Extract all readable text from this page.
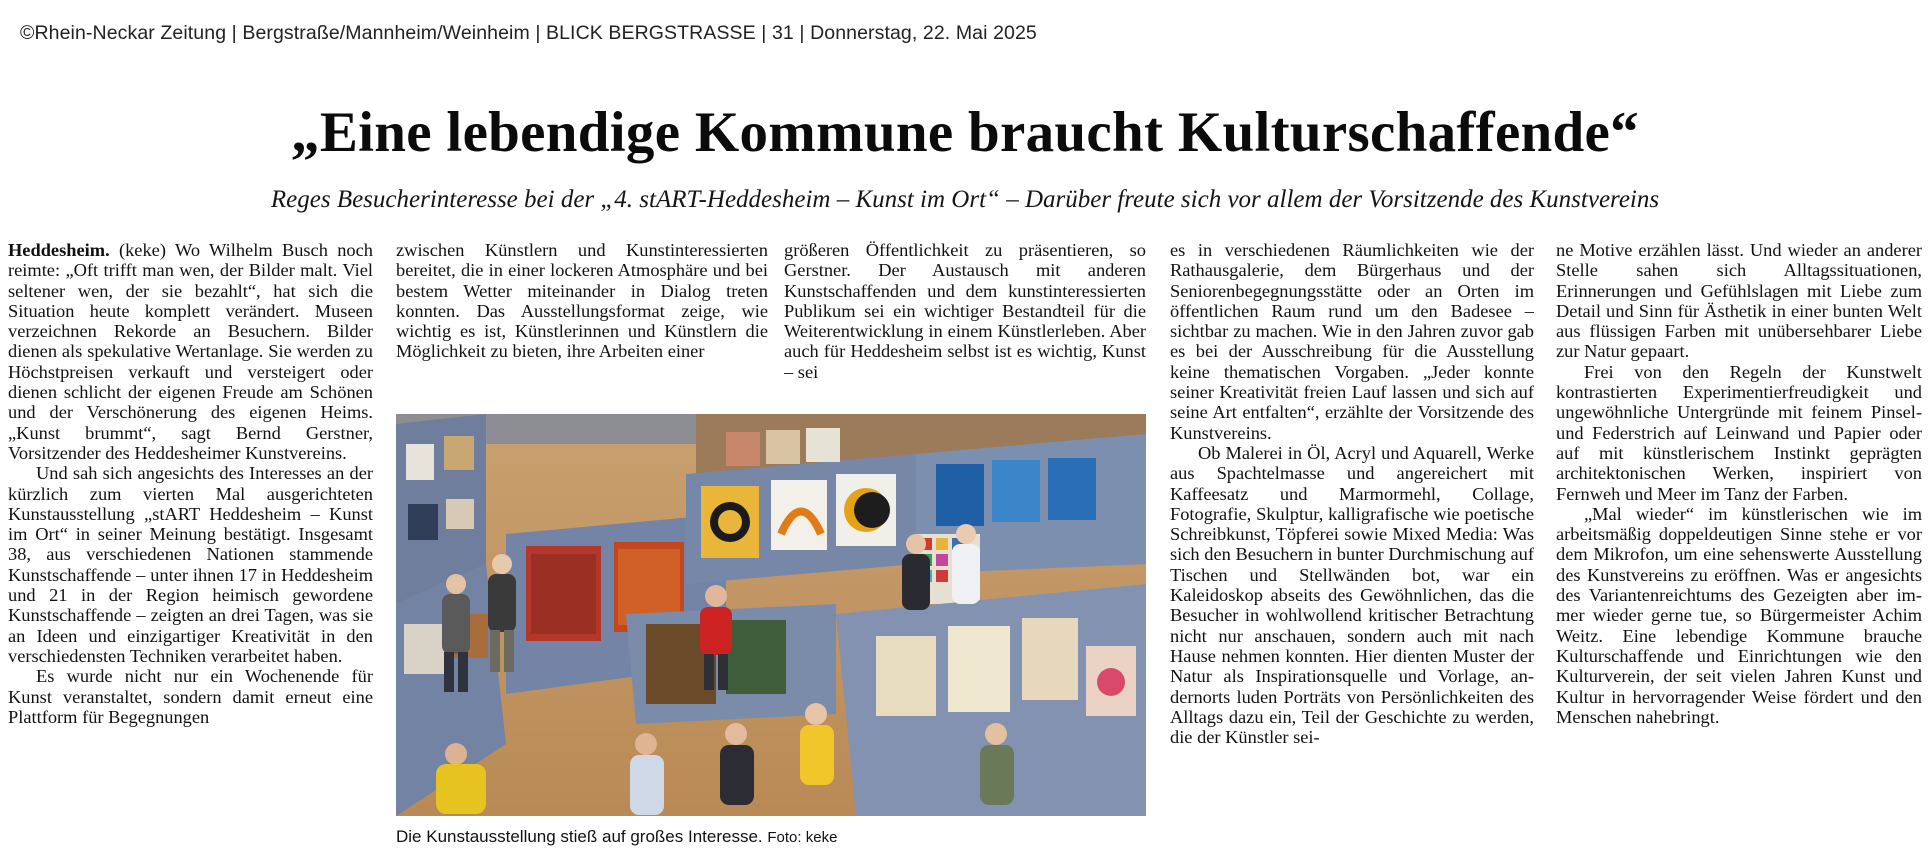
©Rhein-Neckar Zeitung | Bergstraße/Mannheim/Weinheim | BLICK BERGSTRASSE | 31 | Donnerstag, 22. Mai 2025
„Eine lebendige Kommune braucht Kulturschaffende“
Reges Besucherinteresse bei der „4. stART-Heddesheim – Kunst im Ort“ – Darüber freute sich vor allem der Vorsitzende des Kunstvereins

Heddesheim. (keke) Wo Wilhelm Busch noch reimte: „Oft trifft man wen, der Bilder malt. Viel seltener wen, der sie bezahlt“, hat sich die Situation heute komplett verändert. Museen verzeichnen Rekorde an Besuchern. Bilder dienen als spekulative Wertanlage. Sie werden zu Höchstpreisen verkauft und versteigert oder dienen schlicht der eigenen Freude am Schönen und der Verschönerung des eigenen Heims. „Kunst brummt“, sagt Bernd Gerstner, Vorsitzender des Heddesheimer Kunstvereins.

Und sah sich angesichts des Interesses an der kürzlich zum vierten Mal ausgerichteten Kunstausstellung „stART Heddesheim – Kunst im Ort“ in seiner Meinung bestätigt. Insgesamt 38, aus verschiedenen Nationen stammende Kunstschaffende – unter ihnen 17 in Heddesheim und 21 in der Region heimisch gewordene Kunstschaffende – zeigten an drei Tagen, was sie an Ideen und einzigartiger Kreativität in den verschiedensten Techniken verarbeitet haben.

Es wurde nicht nur ein Wochenende für Kunst veranstaltet, sondern damit erneut eine Plattform für Begegnungen

zwischen Künstlern und Kunstinteressierten bereitet, die in einer lockeren Atmosphäre und bei bestem Wetter miteinander in Dialog treten konnten. Das Ausstellungsformat zeige, wie wichtig es ist, Künstlerinnen und Künstlern die Möglichkeit zu bieten, ihre Arbeiten einer

größeren Öffentlichkeit zu präsentieren, so Gerstner. Der Austausch mit anderen Kunstschaffenden und dem kunstinteressierten Publikum sei ein wichtiger Bestandteil für die Weiterentwicklung in einem Künstlerleben. Aber auch für Heddesheim selbst ist es wichtig, Kunst – sei

Die Kunstausstellung stieß auf großes Interesse. Foto: keke

es in verschiedenen Räumlichkeiten wie der Rathausgalerie, dem Bürgerhaus und der Seniorenbegegnungsstätte oder an Orten im öffentlichen Raum rund um den Badesee – sichtbar zu machen. Wie in den Jahren zuvor gab es bei der Ausschreibung für die Ausstellung keine thematischen Vorgaben. „Jeder konnte seiner Kreativität freien Lauf lassen und sich auf seine Art entfalten“, erzählte der Vorsitzende des Kunstvereins.

Ob Malerei in Öl, Acryl und Aquarell, Werke aus Spachtelmasse und angereichert mit Kaffeesatz und Marmormehl, Collage, Fotografie, Skulptur, kalligrafische wie poetische Schreibkunst, Töpferei sowie Mixed Media: Was sich den Besuchern in bunter Durchmischung auf Tischen und Stellwänden bot, war ein Kaleidoskop abseits des Gewöhnlichen, das die Besucher in wohlwollend kritischer Betrachtung nicht nur anschauen, sondern auch mit nach Hause nehmen konnten. Hier dienten Muster der Natur als Inspirationsquelle und Vorlage, andernorts luden Porträts von Persönlichkeiten des Alltags dazu ein, Teil der Geschichte zu werden, die der Künstler sei-

ne Motive erzählen lässt. Und wieder an anderer Stelle sahen sich Alltagssituationen, Erinnerungen und Gefühlslagen mit Liebe zum Detail und Sinn für Ästhetik in einer bunten Welt aus flüssigen Farben mit unübersehbarer Liebe zur Natur gepaart.

Frei von den Regeln der Kunstwelt kontrastierten Experimentierfreudigkeit und ungewöhnliche Untergründe mit feinem Pinsel- und Federstrich auf Leinwand und Papier oder auf mit künstlerischem Instinkt geprägten architektonischen Werken, inspiriert von Fernweh und Meer im Tanz der Farben.

„Mal wieder“ im künstlerischen wie im arbeitsmäßig doppeldeutigen Sinne stehe er vor dem Mikrofon, um eine sehenswerte Ausstellung des Kunstvereins zu eröffnen. Was er angesichts des Variantenreichtums des Gezeigten aber immer wieder gerne tue, so Bürgermeister Achim Weitz. Eine lebendige Kommune brauche Kulturschaffende und Einrichtungen wie den Kulturverein, der seit vielen Jahren Kunst und Kultur in hervorragender Weise fördert und den Menschen nahebringt.
